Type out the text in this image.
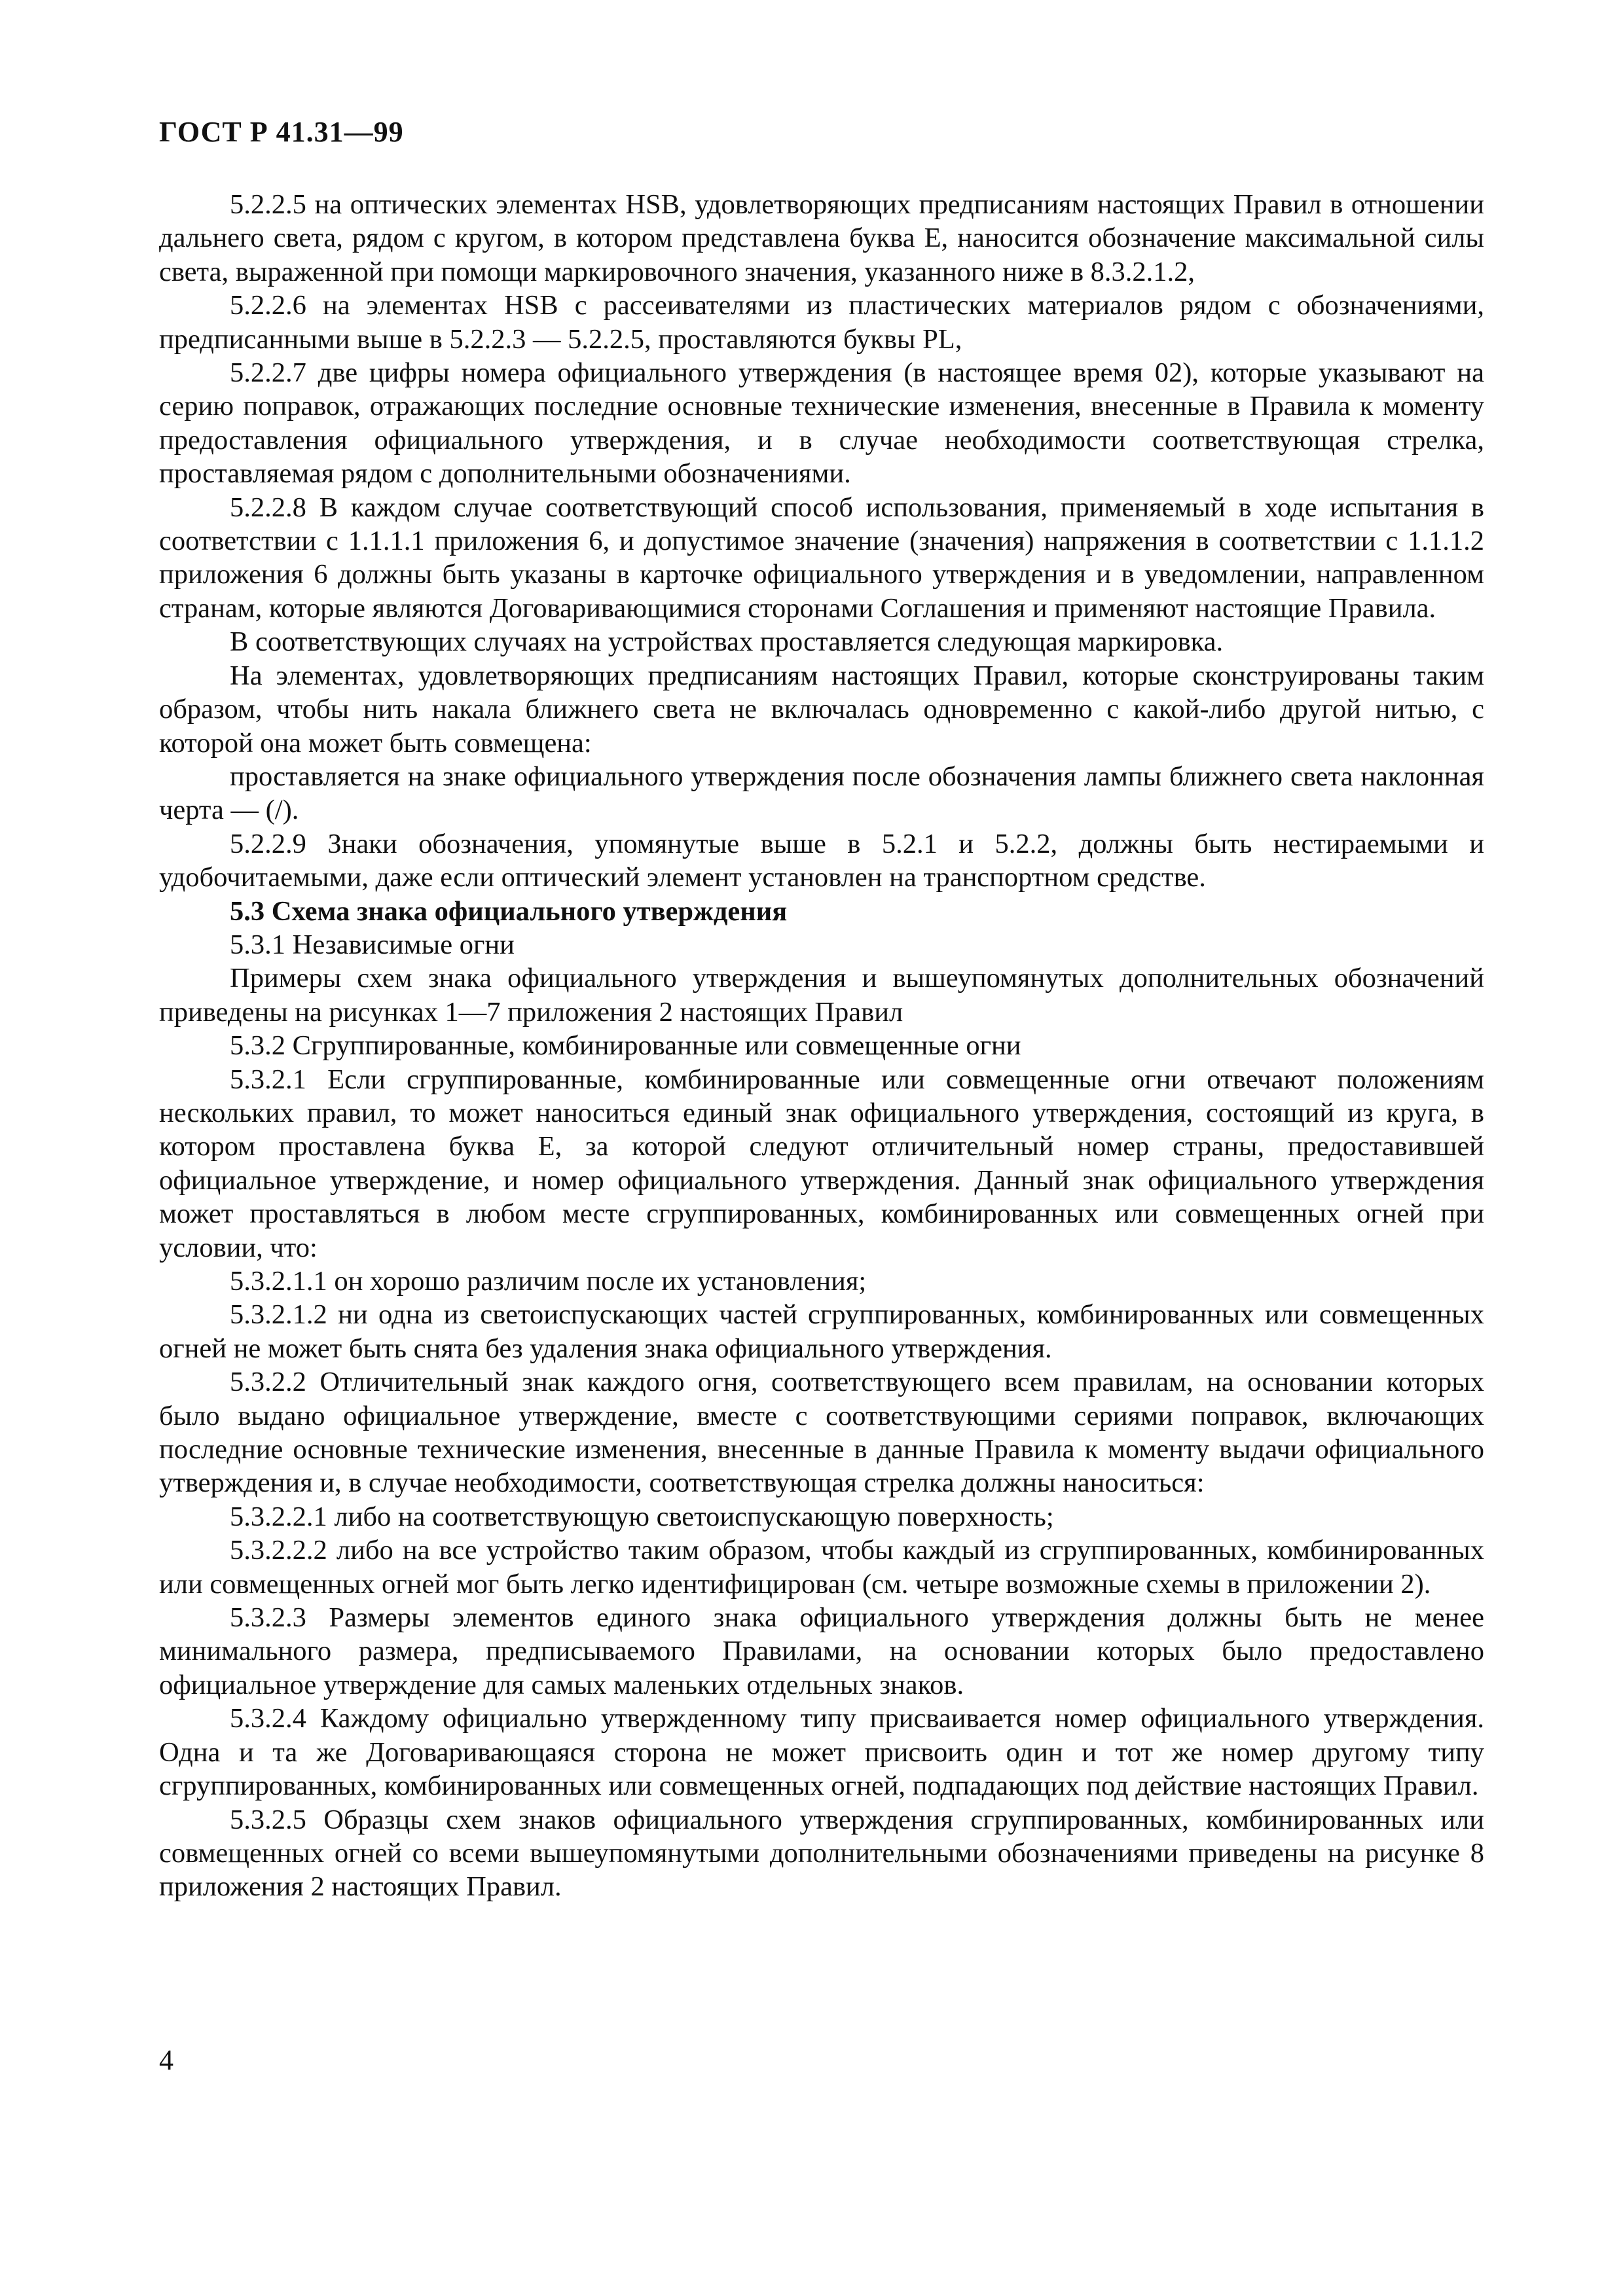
ГОСТ Р 41.31—99

5.2.2.5 на оптических элементах HSB, удовлетворяющих предписаниям настоящих Правил в отношении дальнего света, рядом с кругом, в котором представлена буква Е, наносится обозначение максимальной силы света, выраженной при помощи маркировочного значения, указанного ниже в 8.3.2.1.2,

5.2.2.6 на элементах HSB с рассеивателями из пластических материалов рядом с обозначениями, предписанными выше в 5.2.2.3 — 5.2.2.5, проставляются буквы PL,

5.2.2.7 две цифры номера официального утверждения (в настоящее время 02), которые указывают на серию поправок, отражающих последние основные технические изменения, внесенные в Правила к моменту предоставления официального утверждения, и в случае необходимости соответствующая стрелка, проставляемая рядом с дополнительными обозначениями.

5.2.2.8 В каждом случае соответствующий способ использования, применяемый в ходе испытания в соответствии с 1.1.1.1 приложения 6, и допустимое значение (значения) напряжения в соответствии с 1.1.1.2 приложения 6 должны быть указаны в карточке официального утверждения и в уведомлении, направленном странам, которые являются Договаривающимися сторонами Соглашения и применяют настоящие Правила.

В соответствующих случаях на устройствах проставляется следующая маркировка.

На элементах, удовлетворяющих предписаниям настоящих Правил, которые сконструированы таким образом, чтобы нить накала ближнего света не включалась одновременно с какой-либо другой нитью, с которой она может быть совмещена:

проставляется на знаке официального утверждения после обозначения лампы ближнего света наклонная черта — (/).

5.2.2.9 Знаки обозначения, упомянутые выше в 5.2.1 и 5.2.2, должны быть нестираемыми и удобочитаемыми, даже если оптический элемент установлен на транспортном средстве.

5.3 Схема знака официального утверждения

5.3.1 Независимые огни

Примеры схем знака официального утверждения и вышеупомянутых дополнительных обозначений приведены на рисунках 1—7 приложения 2 настоящих Правил

5.3.2 Сгруппированные, комбинированные или совмещенные огни

5.3.2.1 Если сгруппированные, комбинированные или совмещенные огни отвечают положениям нескольких правил, то может наноситься единый знак официального утверждения, состоящий из круга, в котором проставлена буква Е, за которой следуют отличительный номер страны, предоставившей официальное утверждение, и номер официального утверждения. Данный знак официального утверждения может проставляться в любом месте сгруппированных, комбинированных или совмещенных огней при условии, что:

5.3.2.1.1 он хорошо различим после их установления;

5.3.2.1.2 ни одна из светоиспускающих частей сгруппированных, комбинированных или совмещенных огней не может быть снята без удаления знака официального утверждения.

5.3.2.2 Отличительный знак каждого огня, соответствующего всем правилам, на основании которых было выдано официальное утверждение, вместе с соответствующими сериями поправок, включающих последние основные технические изменения, внесенные в данные Правила к моменту выдачи официального утверждения и, в случае необходимости, соответствующая стрелка должны наноситься:

5.3.2.2.1 либо на соответствующую светоиспускающую поверхность;

5.3.2.2.2 либо на все устройство таким образом, чтобы каждый из сгруппированных, комбинированных или совмещенных огней мог быть легко идентифицирован (см. четыре возможные схемы в приложении 2).

5.3.2.3 Размеры элементов единого знака официального утверждения должны быть не менее минимального размера, предписываемого Правилами, на основании которых было предоставлено официальное утверждение для самых маленьких отдельных знаков.

5.3.2.4 Каждому официально утвержденному типу присваивается номер официального утверждения. Одна и та же Договаривающаяся сторона не может присвоить один и тот же номер другому типу сгруппированных, комбинированных или совмещенных огней, подпадающих под действие настоящих Правил.

5.3.2.5 Образцы схем знаков официального утверждения сгруппированных, комбинированных или совмещенных огней со всеми вышеупомянутыми дополнительными обозначениями приведены на рисунке 8 приложения 2 настоящих Правил.

4
